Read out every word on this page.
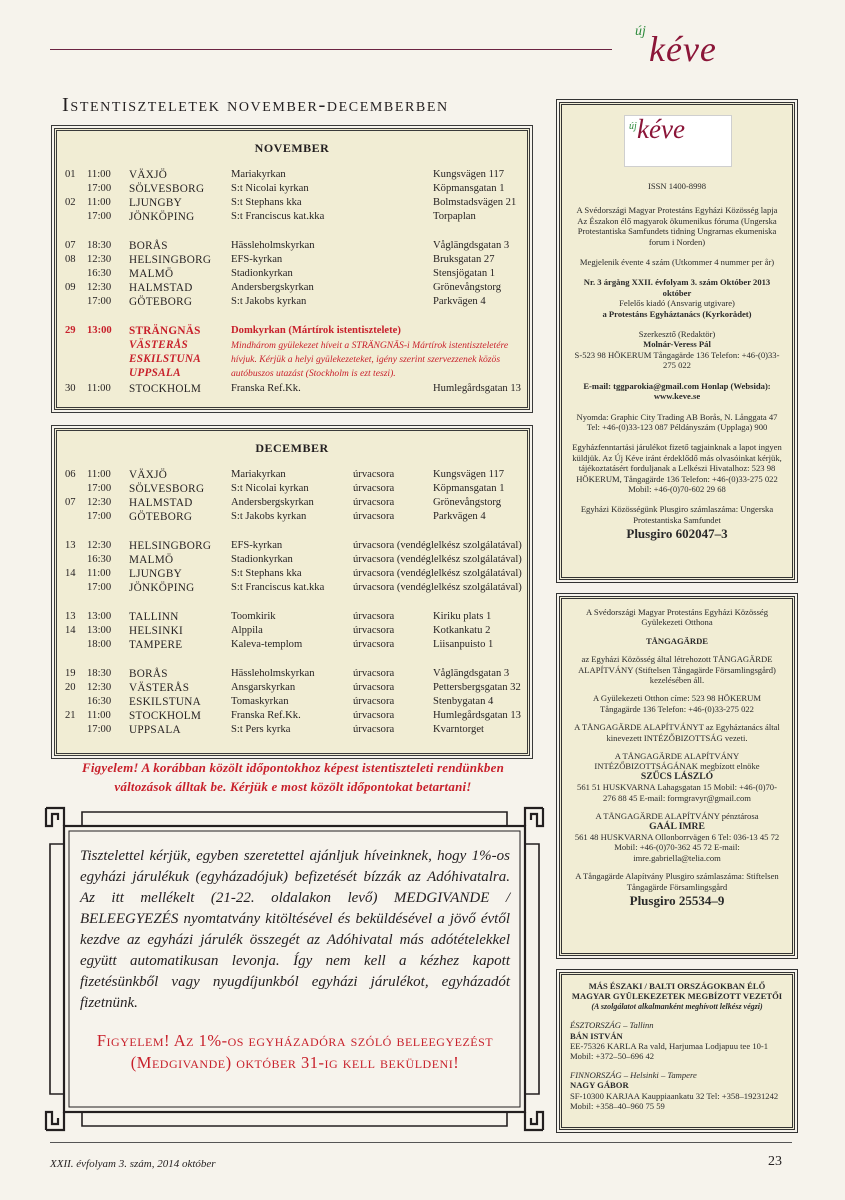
új kéve
Istentiszteletek november-decemberben
NOVEMBER
01 11:00 VÄXJÖ	Mariakyrkan	Kungsvägen 117
17:00 SÖLVESBORG	S:t Nicolai kyrkan	Köpmansgatan 1
02 11:00 LJUNGBY	S:t Stephans kka	Bolmstadsvägen 21
17:00 JÖNKÖPING	S:t Franciscus kat.kka	Torpaplan
07 18:30 BORÅS	Hässleholmskyrkan	Våglängdsgatan 3
08 12:30 HELSINGBORG EFS-kyrkan	Bruksgatan 27
16:30 MALMÖ	Stadionkyrkan	Stensjögatan 1
09 12:30 HALMSTAD	Andersbergskyrkan	Grönevångstorg
17:00 GÖTEBORG	S:t Jakobs kyrkan	Parkvägen 4
29 13:00 STRÄNGNÄS	Domkyrkan (Mártírok istentisztelete)
VÄSTERÅS
ESKILSTUNA
UPPSALA
Mindhárom gyülekezet híveit a STRÄNGNÄS-i Mártírok istentiszteletére hívjuk. Kérjük a helyi gyülekezeteket, igény szerint szervezzenek közös autóbuszos utazást (Stockholm is ezt teszi).
30 11:00 STOCKHOLM	Franska Ref.Kk.	Humlegårdsgatan 13
DECEMBER
06 11:00 VÄXJÖ	Mariakyrkan	úrvacsora	Kungsvägen 117
17:00 SÖLVESBORG	S:t Nicolai kyrkan	úrvacsora	Köpmansgatan 1
07 12:30 HALMSTAD	Andersbergskyrkan	úrvacsora	Grönevångstorg
17:00 GÖTEBORG	S:t Jakobs kyrkan	úrvacsora	Parkvägen 4
13 12:30 HELSINGBORG EFS-kyrkan	úrvacsora (vendéglelkész szolgálatával)
16:30 MALMÖ	Stadionkyrkan	úrvacsora (vendéglelkész szolgálatával)
14 11:00 LJUNGBY	S:t Stephans kka	úrvacsora (vendéglelkész szolgálatával)
17:00 JÖNKÖPING	S:t Franciscus kat.kka	úrvacsora (vendéglelkész szolgálatával)
13 13:00 TALLINN	Toomkirik	úrvacsora	Kiriku plats 1
14 13:00 HELSINKI	Alppila	úrvacsora	Kotkankatu 2
18:00 TAMPERE	Kaleva-templom	úrvacsora	Liisanpuisto 1
19 18:30 BORÅS	Hässleholmskyrkan	úrvacsora	Våglängdsgatan 3
20 12:30 VÄSTERÅS	Ansgarskyrkan	úrvacsora	Pettersbergsgatan 32
16:30 ESKILSTUNA	Tomaskyrkan	úrvacsora	Stenbygatan 4
21 11:00 STOCKHOLM	Franska Ref.Kk.	úrvacsora	Humlegårdsgatan 13
17:00 UPPSALA	S:t Pers kyrka	úrvacsora	Kvarntorget
Figyelem! A korábban közölt időpontokhoz képest istentiszteleti rendünkben változások álltak be. Kérjük e most közölt időpontokat betartani!
Tisztelettel kérjük, egyben szeretettel ajánljuk híveinknek, hogy 1%-os egyházi járulékuk (egyházadójuk) befizetését bízzák az Adóhivatalra. Az itt mellékelt (21-22. oldalakon levő) MEDGIVANDE / BELEEGYEZÉS nyomtatvány kitöltésével és beküldésével a jövő évtől kezdve az egyházi járulék összegét az Adóhivatal más adótételekkel együtt automatikusan levonja. Így nem kell a kézhez kapott fizetésünkből vagy nyugdíjunkból egyházi járulékot, egyházadót fizetnünk.
Figyelem! Az 1%-os egyházadóra szóló beleegyezést (Medgivande) október 31-ig kell beküldeni!
új kéve
ISSN 1400-8998
A Svédországi Magyar Protestáns Egyházi Közösség lapja Az Északon élő magyarok ökumenikus fóruma (Ungerska Protestantiska Samfundets tidning Ungrarnas ekumeniska forum i Norden)
Megjelenik évente 4 szám (Utkommer 4 nummer per år)
Nr. 3 árgång XXII. évfolyam 3. szám Október 2013 október
Felelős kiadó (Ansvarig utgivare)
a Protestáns Egyháztanács (Kyrkorådet)
Szerkesztő (Redaktör)
Molnár-Veress Pál
S-523 98 HÖKERUM Tångagärde 136 Telefon: +46-(0)33-275 022
E-mail: tggparokia@gmail.com Honlap (Websida): www.keve.se
Nyomda: Graphic City Trading AB Borås, N. Långgata 47 Tel: +46-(0)33-123 087 Példányszám (Upplaga) 900
Egyházfenntartási járulékot fizető tagjainknak a lapot ingyen küldjük. Az Új Kéve iránt érdeklődő más olvasóinkat kérjük, tájékoztatásért forduljanak a Lelkészi Hivatalhoz: 523 98 HÖKERUM, Tångagärde 136 Telefon: +46-(0)33-275 022 Mobil: +46-(0)70-602 29 68
Egyházi Közösségünk Plusgiro számlaszáma: Ungerska Protestantiska Samfundet
Plusgiro 602047–3
A Svédországi Magyar Protestáns Egyházi Közösség Gyülekezeti Otthona
TÅNGAGÄRDE
az Egyházi Közösség által létrehozott TÅNGAGÄRDE ALAPÍTVÁNY (Stiftelsen Tångagärde Församlingsgård) kezelésében áll.
A Gyülekezeti Otthon címe: 523 98 HÖKERUM Tångagärde 136 Telefon: +46-(0)33-275 022
A TÅNGAGÄRDE ALAPÍTVÁNYT az Egyháztanács által kinevezett INTÉZŐBIZOTTSÁG vezeti.
A TÅNGAGÄRDE ALAPÍTVÁNY INTÉZŐBIZOTTSÁGÁNAK megbízott elnöke
SZŰCS LÁSZLÓ
561 51 HUSKVARNA Lahagsgatan 15 Mobil: +46-(0)70-276 88 45 E-mail: formgravyr@gmail.com
A TÅNGAGÄRDE ALAPÍTVÁNY pénztárosa
GAÁL IMRE
561 48 HUSKVARNA Ollonborrvägen 6 Tel: 036-13 45 72 Mobil: +46-(0)70-362 45 72 E-mail: imre.gabriella@telia.com
A Tångagärde Alapítvány Plusgiro számlaszáma: Stiftelsen Tångagärde Församlingsgård
Plusgiro 25534–9
MÁS ÉSZAKI / BALTI ORSZÁGOKBAN ÉLŐ MAGYAR GYÜLEKEZETEK MEGBÍZOTT VEZETŐI
(A szolgálatot alkalmanként meghívott lelkész végzi)
ÉSZTORSZÁG – Tallinn
BÁN ISTVÁN
EE-75326 KARLA Ra vald, Harjumaa Lodjapuu tee 10-1 Mobil: +372–50–696 42
FINNORSZÁG – Helsinki – Tampere
NAGY GÁBOR
SF-10300 KARJAA Kauppiaankatu 32 Tel: +358–19231242 Mobil: +358–40–960 75 59
XXII. évfolyam 3. szám, 2014 október	23
